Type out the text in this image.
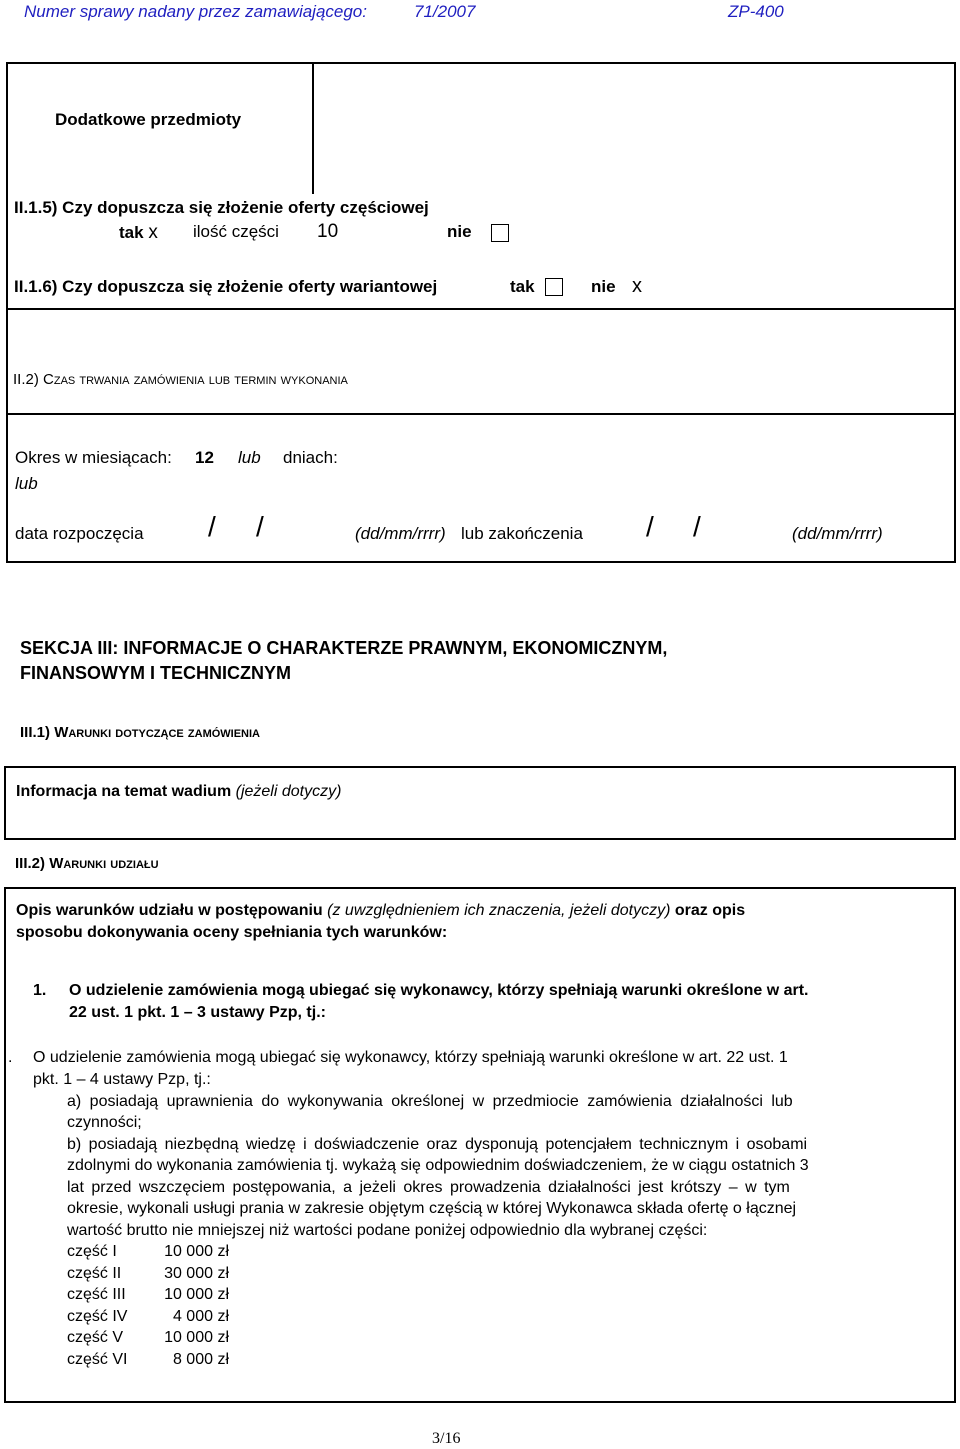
Numer sprawy nadany przez zamawiającego:	71/2007	ZP-400
Dodatkowe przedmioty
II.1.5) Czy dopuszcza się złożenie oferty częściowej
tak x ilość części 10	nie
II.1.6) Czy dopuszcza się złożenie oferty wariantowej	tak	nie x
II.2) Czas trwania zamówienia lub termin wykonania
Okres w miesiącach: 12 lub dniach:
lub
data rozpoczęcia / /	(dd/mm/rrrr) lub zakończenia / /	(dd/mm/rrrr)
SEKCJA III: INFORMACJE O CHARAKTERZE PRAWNYM, EKONOMICZNYM,
FINANSOWYM I TECHNICZNYM
III.1) Warunki dotyczące zamówienia
Informacja na temat wadium (jeżeli dotyczy)
III.2) Warunki udziału
Opis warunków udziału w postępowaniu (z uwzględnieniem ich znaczenia, jeżeli dotyczy) oraz opis
sposobu dokonywania oceny spełniania tych warunków:
1. O udzielenie zamówienia mogą ubiegać się wykonawcy, którzy spełniają warunki określone w art.
22 ust. 1 pkt. 1 – 3 ustawy Pzp, tj.:
. O udzielenie zamówienia mogą ubiegać się wykonawcy, którzy spełniają warunki określone w art. 22 ust. 1
pkt. 1 – 4 ustawy Pzp, tj.:
a) posiadają uprawnienia do wykonywania określonej w przedmiocie zamówienia działalności lub
czynności;
b) posiadają niezbędną wiedzę i doświadczenie oraz dysponują potencjałem technicznym i osobami
zdolnymi do wykonania zamówienia tj. wykażą się odpowiednim doświadczeniem, że w ciągu ostatnich 3
lat przed wszczęciem postępowania, a jeżeli okres prowadzenia działalności jest krótszy – w tym
okresie, wykonali usługi prania w zakresie objętym częścią w której Wykonawca składa ofertę o łącznej
wartość brutto nie mniejszej niż wartości podane poniżej odpowiednio dla wybranej części:
część I	10 000 zł
część II	30 000 zł
część III	10 000 zł
część IV	4 000 zł
część V	10 000 zł
część VI	8 000 zł
3/16
